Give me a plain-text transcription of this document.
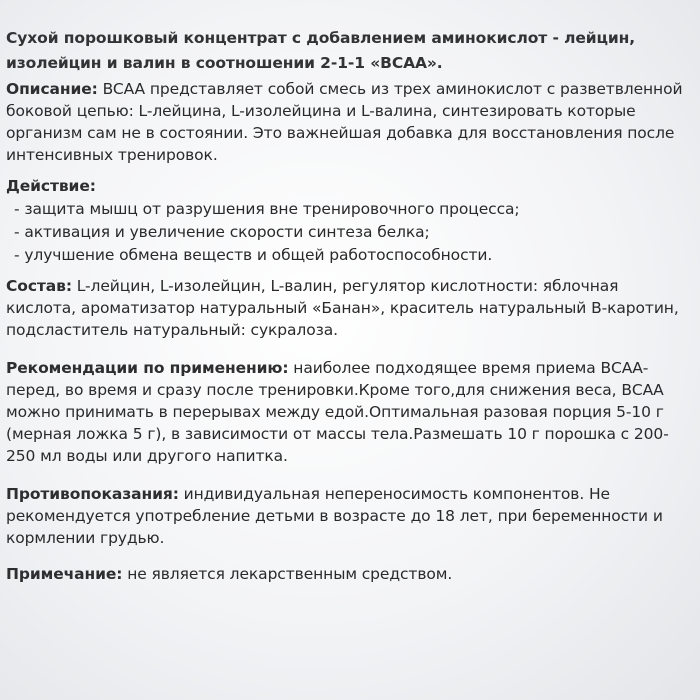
Сухой порошковый концентрат с добавлением аминокислот - лейцин, изолейцин и валин в соотношении 2-1-1 «BCAA».

Описание: BCAA представляет собой смесь из трех аминокислот с разветвленной боковой цепью: L-лейцина, L-изолейцина и L-валина, синтезировать которые организм сам не в состоянии. Это важнейшая добавка для восстановления после интенсивных тренировок.

Действие:

- защита мышц от разрушения вне тренировочного процесса;
- активация и увеличение скорости синтеза белка;
- улучшение обмена веществ и общей работоспособности.

Состав: L-лейцин, L-изолейцин, L-валин, регулятор кислотности: яблочная кислота, ароматизатор натуральный «Банан», краситель натуральный В-каротин, подсластитель натуральный: сукралоза.

Рекомендации по применению: наиболее подходящее время приема ВСАА-перед, во время и сразу после тренировки.Кроме того,для снижения веса, ВСАА можно принимать в перерывах между едой.Оптимальная разовая порция 5-10 г (мерная ложка 5 г), в зависимости от массы тела.Размешать 10 г порошка с 200-250 мл воды или другого напитка.

Противопоказания: индивидуальная непереносимость компонентов. Не рекомендуется употребление детьми в возрасте до 18 лет, при беременности и кормлении грудью.

Примечание: не является лекарственным средством.
